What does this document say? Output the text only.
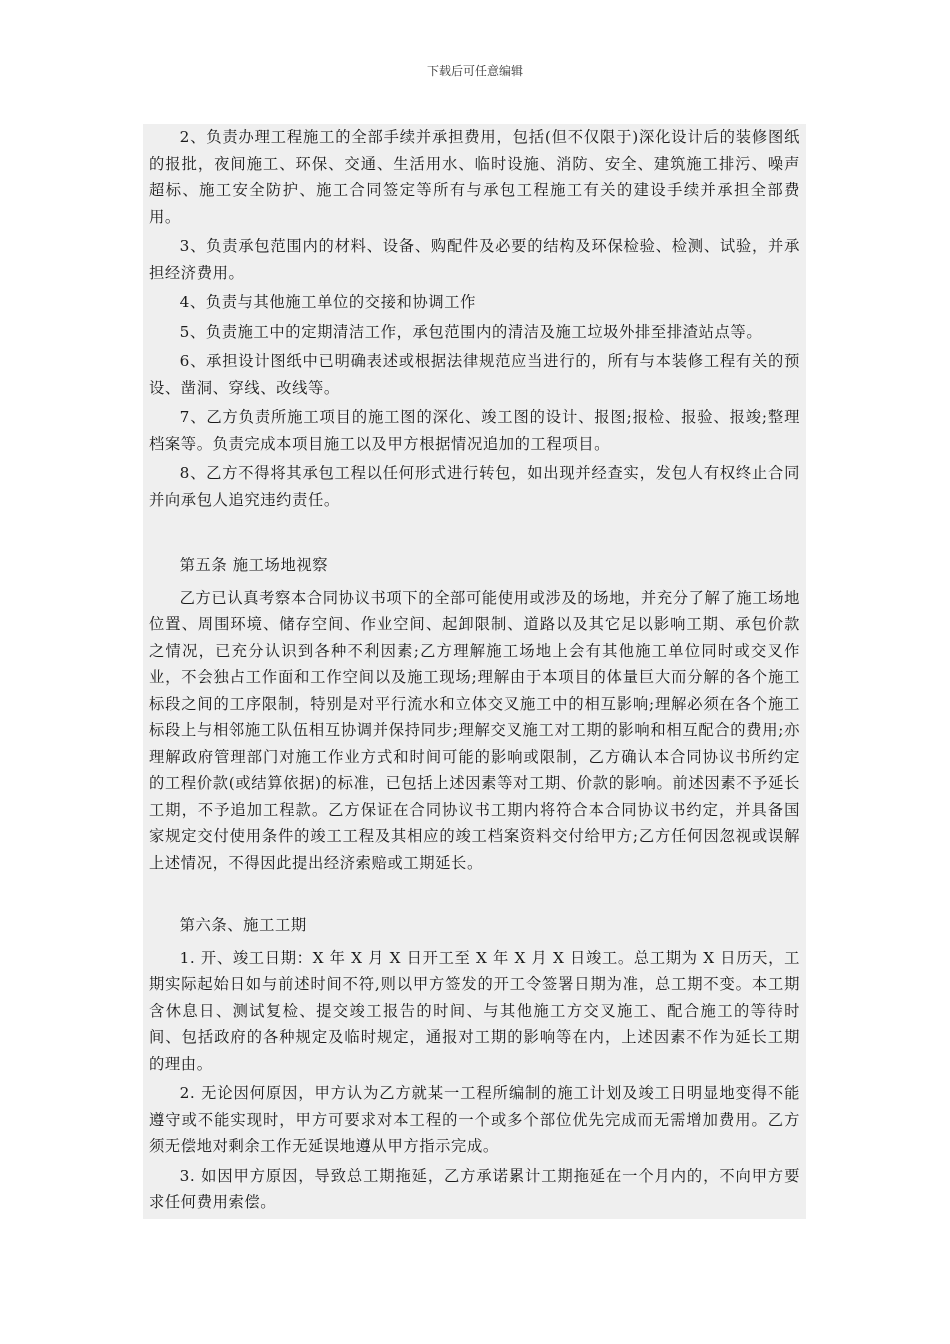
下载后可任意编辑

2、负责办理工程施工的全部手续并承担费用，包括(但不仅限于)深化设计后的装修图纸的报批，夜间施工、环保、交通、生活用水、临时设施、消防、安全、建筑施工排污、噪声超标、施工安全防护、施工合同签定等所有与承包工程施工有关的建设手续并承担全部费用。

3、负责承包范围内的材料、设备、购配件及必要的结构及环保检验、检测、试验，并承担经济费用。

4、负责与其他施工单位的交接和协调工作

5、负责施工中的定期清洁工作，承包范围内的清洁及施工垃圾外排至排渣站点等。

6、承担设计图纸中已明确表述或根据法律规范应当进行的，所有与本装修工程有关的预设、凿洞、穿线、改线等。

7、乙方负责所施工项目的施工图的深化、竣工图的设计、报图;报检、报验、报竣;整理档案等。负责完成本项目施工以及甲方根据情况追加的工程项目。

8、乙方不得将其承包工程以任何形式进行转包，如出现并经查实，发包人有权终止合同并向承包人追究违约责任。

第五条 施工场地视察

乙方已认真考察本合同协议书项下的全部可能使用或涉及的场地，并充分了解了施工场地位置、周围环境、储存空间、作业空间、起卸限制、道路以及其它足以影响工期、承包价款之情况，已充分认识到各种不利因素;乙方理解施工场地上会有其他施工单位同时或交叉作业，不会独占工作面和工作空间以及施工现场;理解由于本项目的体量巨大而分解的各个施工标段之间的工序限制，特别是对平行流水和立体交叉施工中的相互影响;理解必须在各个施工标段上与相邻施工队伍相互协调并保持同步;理解交叉施工对工期的影响和相互配合的费用;亦理解政府管理部门对施工作业方式和时间可能的影响或限制，乙方确认本合同协议书所约定的工程价款(或结算依据)的标准，已包括上述因素等对工期、价款的影响。前述因素不予延长工期，不予追加工程款。乙方保证在合同协议书工期内将符合本合同协议书约定，并具备国家规定交付使用条件的竣工工程及其相应的竣工档案资料交付给甲方;乙方任何因忽视或误解上述情况，不得因此提出经济索赔或工期延长。

第六条、施工工期

1. 开、竣工日期：X 年 X 月 X 日开工至 X 年 X 月 X 日竣工。总工期为 X 日历天，工期实际起始日如与前述时间不符,则以甲方签发的开工令签署日期为准，总工期不变。本工期含休息日、测试复检、提交竣工报告的时间、与其他施工方交叉施工、配合施工的等待时间、包括政府的各种规定及临时规定，通报对工期的影响等在内，上述因素不作为延长工期的理由。

2. 无论因何原因，甲方认为乙方就某一工程所编制的施工计划及竣工日明显地变得不能遵守或不能实现时，甲方可要求对本工程的一个或多个部位优先完成而无需增加费用。乙方须无偿地对剩余工作无延误地遵从甲方指示完成。

3. 如因甲方原因，导致总工期拖延，乙方承诺累计工期拖延在一个月内的，不向甲方要求任何费用索偿。
